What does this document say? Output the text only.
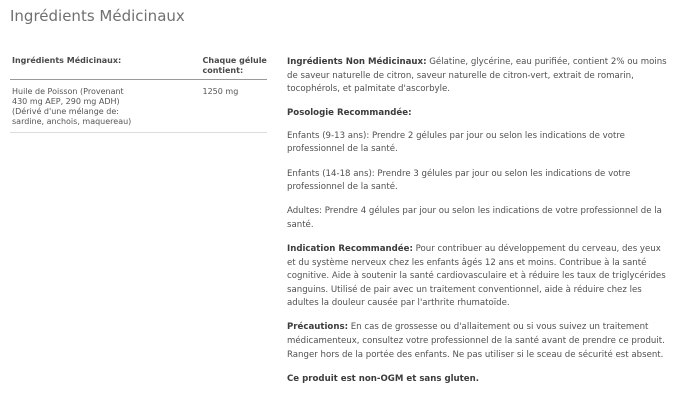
Ingrédients Médicinaux
Ingrédients Médicinaux:	Chaque gélule contient:
Huile de Poisson (Provenant 430 mg AEP, 290 mg ADH) (Dérivé d'une mélange de: sardine, anchois, maquereau)
1250 mg

Ingrédients Non Médicinaux: Gélatine, glycérine, eau purifiée, contient 2% ou moins de saveur naturelle de citron, saveur naturelle de citron-vert, extrait de romarin, tocophérols, et palmitate d'ascorbyle.

Posologie Recommandée:

Enfants (9-13 ans): Prendre 2 gélules par jour ou selon les indications de votre professionnel de la santé.

Enfants (14-18 ans): Prendre 3 gélules par jour ou selon les indications de votre professionnel de la santé.

Adultes: Prendre 4 gélules par jour ou selon les indications de votre professionnel de la santé.

Indication Recommandée: Pour contribuer au développement du cerveau, des yeux et du système nerveux chez les enfants âgés 12 ans et moins. Contribue à la santé cognitive. Aide à soutenir la santé cardiovasculaire et à réduire les taux de triglycérides sanguins. Utilisé de pair avec un traitement conventionnel, aide à réduire chez les adultes la douleur causée par l'arthrite rhumatoïde.

Précautions: En cas de grossesse ou d'allaitement ou si vous suivez un traitement médicamenteux, consultez votre professionnel de la santé avant de prendre ce produit. Ranger hors de la portée des enfants. Ne pas utiliser si le sceau de sécurité est absent.

Ce produit est non-OGM et sans gluten.
